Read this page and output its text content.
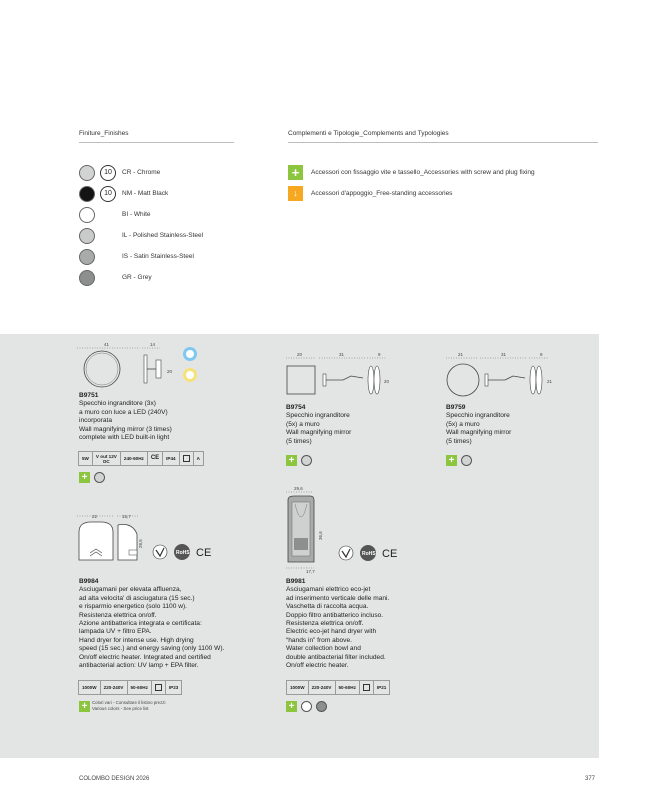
Finiture_Finishes	Complementi e Tipologie_Complements and Typologies
10	CR - Chrome
10	NM - Matt Black
BI - White
IL - Polished Stainless-Steel
IS - Satin Stainless-Steel
GR - Grey
+	Accessori con fissaggio vite e tassello_Accessories with screw and plug fixing
↓	Accessori d'appoggio_Free-standing accessories
41	14
20
B9751
Specchio ingranditore (3x)
a muro con luce a LED (240V)
incorporata
Wall magnifying mirror (3 times)
complete with LED built-in light
5W	V out 12V DC	240-60Hz	CE	IP44	A
+
20	31	9
20
B9754
Specchio ingranditore
(5x) a muro
Wall magnifying mirror
(5 times)
+
21	31	9
21
B9759
Specchio ingranditore
(5x) a muro
Wall magnifying mirror
(5 times)
+
22	15,7
28,5
RoHS CE
B9984
Asciugamani per elevata affluenza,
ad alta velocita' di asciugatura (15 sec.)
e risparmio energetico (solo 1100 w).
Resistenza elettrica on/off.
Azione antibatterica integrata e certificata:
lampada UV + filtro EPA.
Hand dryer for intense use. High drying
speed (15 sec.) and energy saving (only 1100 W).
On/off electric heater. Integrated and certified
antibacterial action: UV lamp + EPA filter.
1000W	220-240V	50-60Hz	IP23
+	Colori vari - Consultare il listino prezzi
Various colors - See price list
29,6
36,6
17,7
RoHS CE
B9981
Asciugamani elettrico eco-jet
ad inserimento verticale delle mani.
Vaschetta di raccolta acqua.
Doppio filtro antibatterico incluso.
Resistenza elettrica on/off.
Electric eco-jet hand dryer with
“hands in” from above.
Water collection bowl and
double antibacterial filter included.
On/off electric heater.
1000W	220-240V	50-60Hz	IP21
+
COLOMBO DESIGN 2026	377
